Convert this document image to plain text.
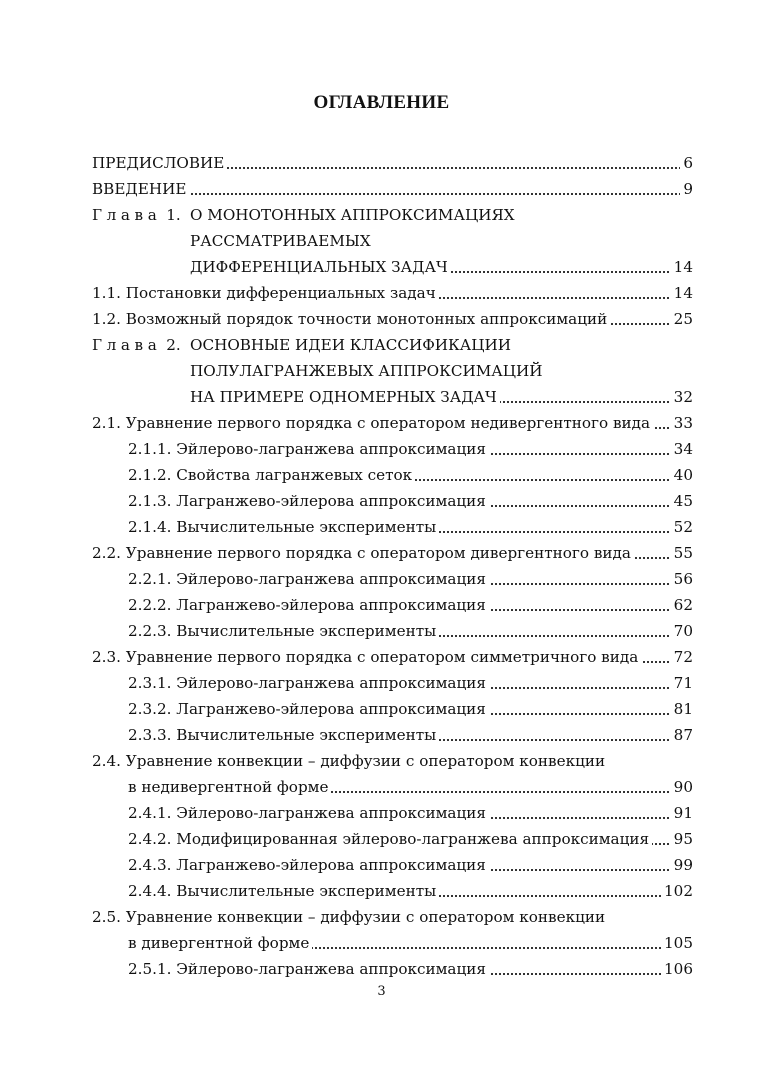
ОГЛАВЛЕНИЕ
ПРЕДИСЛОВИЕ	6
ВВЕДЕНИЕ	9
Глава 1. О МОНОТОННЫХ АППРОКСИМАЦИЯХ
РАССМАТРИВАЕМЫХ
ДИФФЕРЕНЦИАЛЬНЫХ ЗАДАЧ	14
1.1. Постановки дифференциальных задач	14
1.2. Возможный порядок точности монотонных аппроксимаций	25
Глава 2. ОСНОВНЫЕ ИДЕИ КЛАССИФИКАЦИИ
ПОЛУЛАГРАНЖЕВЫХ АППРОКСИМАЦИЙ
НА ПРИМЕРЕ ОДНОМЕРНЫХ ЗАДАЧ	32
2.1. Уравнение первого порядка с оператором недивергентного вида 33
2.1.1. Эйлерово-лагранжева аппроксимация	34
2.1.2. Свойства лагранжевых сеток	40
2.1.3. Лагранжево-эйлерова аппроксимация	45
2.1.4. Вычислительные эксперименты	52
2.2. Уравнение первого порядка с оператором дивергентного вида	55
2.2.1. Эйлерово-лагранжева аппроксимация	56
2.2.2. Лагранжево-эйлерова аппроксимация	62
2.2.3. Вычислительные эксперименты	70
2.3. Уравнение первого порядка с оператором симметричного вида 72
2.3.1. Эйлерово-лагранжева аппроксимация	71
2.3.2. Лагранжево-эйлерова аппроксимация	81
2.3.3. Вычислительные эксперименты	87
2.4. Уравнение конвекции – диффузии с оператором конвекции
в недивергентной форме	90
2.4.1. Эйлерово-лагранжева аппроксимация	91
2.4.2. Модифицированная эйлерово-лагранжева аппроксимация 95
2.4.3. Лагранжево-эйлерова аппроксимация	99
2.4.4. Вычислительные эксперименты	102
2.5. Уравнение конвекции – диффузии с оператором конвекции
в дивергентной форме	105
2.5.1. Эйлерово-лагранжева аппроксимация	106
3
